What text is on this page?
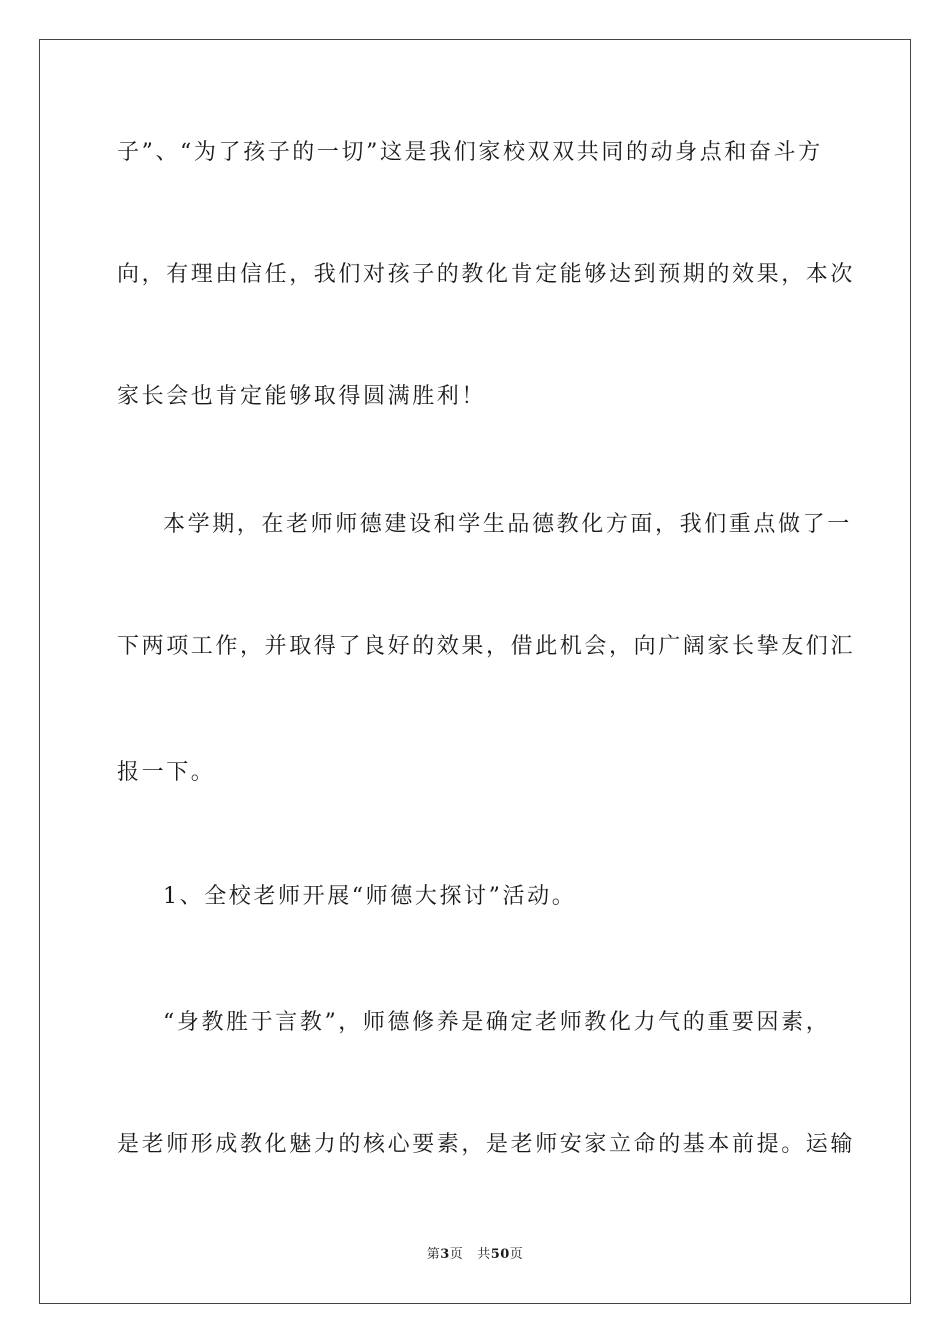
子”、“为了孩子的一切”这是我们家校双双共同的动身点和奋斗方
向，有理由信任，我们对孩子的教化肯定能够达到预期的效果，本次
家长会也肯定能够取得圆满胜利！
本学期，在老师师德建设和学生品德教化方面，我们重点做了一
下两项工作，并取得了良好的效果，借此机会，向广阔家长挚友们汇
报一下。
1、全校老师开展“师德大探讨”活动。
“身教胜于言教”，师德修养是确定老师教化力气的重要因素，
是老师形成教化魅力的核心要素，是老师安家立命的基本前提。运输
第3页 共50页
